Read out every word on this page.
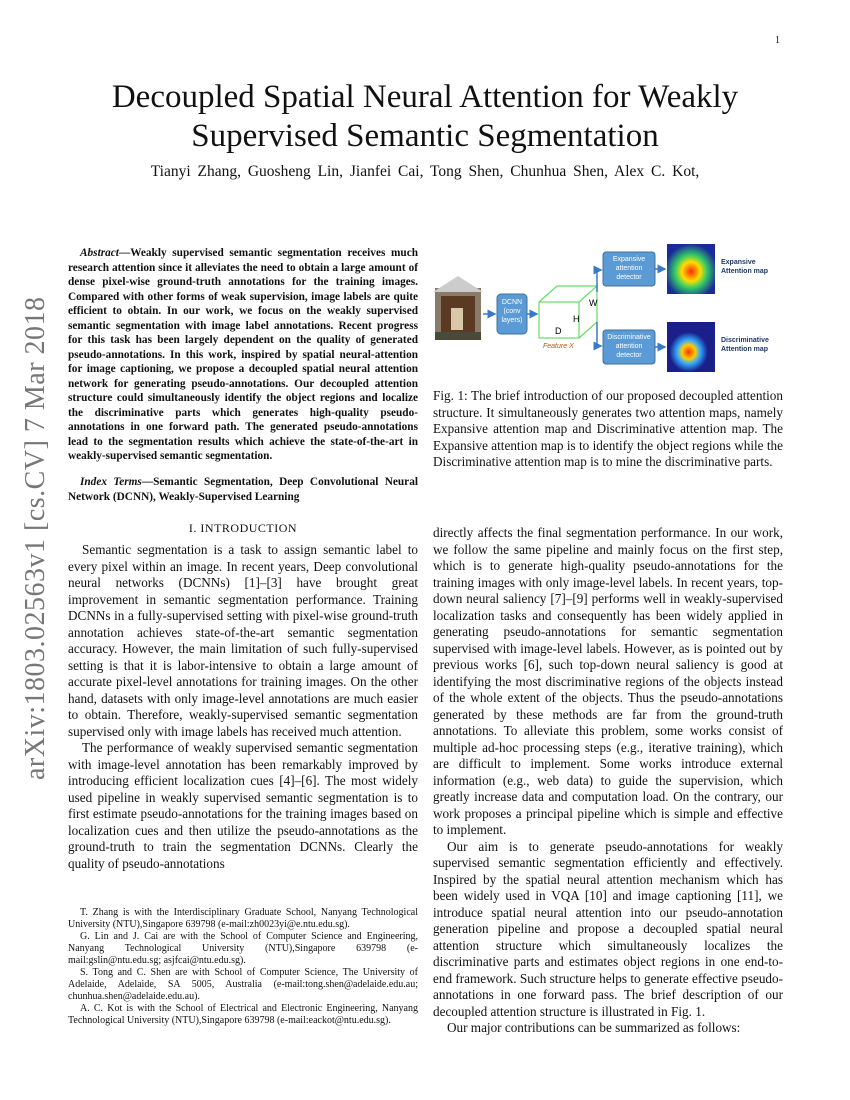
1
arXiv:1803.02563v1 [cs.CV] 7 Mar 2018
Decoupled Spatial Neural Attention for Weakly Supervised Semantic Segmentation
Tianyi Zhang, Guosheng Lin, Jianfei Cai, Tong Shen, Chunhua Shen, Alex C. Kot,
Abstract—Weakly supervised semantic segmentation receives much research attention since it alleviates the need to obtain a large amount of dense pixel-wise ground-truth annotations for the training images. Compared with other forms of weak supervision, image labels are quite efficient to obtain. In our work, we focus on the weakly supervised semantic segmentation with image label annotations. Recent progress for this task has been largely dependent on the quality of generated pseudo-annotations. In this work, inspired by spatial neural-attention for image captioning, we propose a decoupled spatial neural attention network for generating pseudo-annotations. Our decoupled attention structure could simultaneously identify the object regions and localize the discriminative parts which generates high-quality pseudo-annotations in one forward path. The generated pseudo-annotations lead to the segmentation results which achieve the state-of-the-art in weakly-supervised semantic segmentation.
Index Terms—Semantic Segmentation, Deep Convolutional Neural Network (DCNN), Weakly-Supervised Learning
I. INTRODUCTION

Semantic segmentation is a task to assign semantic label to every pixel within an image. In recent years, Deep convolutional neural networks (DCNNs) [1]–[3] have brought great improvement in semantic segmentation performance. Training DCNNs in a fully-supervised setting with pixel-wise ground-truth annotation achieves state-of-the-art semantic segmentation accuracy. However, the main limitation of such fully-supervised setting is that it is labor-intensive to obtain a large amount of accurate pixel-level annotations for training images. On the other hand, datasets with only image-level annotations are much easier to obtain. Therefore, weakly-supervised semantic segmentation supervised only with image labels has received much attention.

The performance of weakly supervised semantic segmentation with image-level annotation has been remarkably improved by introducing efficient localization cues [4]–[6]. The most widely used pipeline in weakly supervised semantic segmentation is to first estimate pseudo-annotations for the training images based on localization cues and then utilize the pseudo-annotations as the ground-truth to train the segmentation DCNNs. Clearly the quality of pseudo-annotations

T. Zhang is with the Interdisciplinary Graduate School, Nanyang Technological University (NTU),Singapore 639798 (e-mail:zh0023yi@e.ntu.edu.sg).

G. Lin and J. Cai are with the School of Computer Science and Engineering, Nanyang Technological University (NTU),Singapore 639798 (e-mail:gslin@ntu.edu.sg; asjfcai@ntu.edu.sg).

S. Tong and C. Shen are with School of Computer Science, The University of Adelaide, Adelaide, SA 5005, Australia (e-mail:tong.shen@adelaide.edu.au; chunhua.shen@adelaide.edu.au).

A. C. Kot is with the School of Electrical and Electronic Engineering, Nanyang Technological University (NTU),Singapore 639798 (e-mail:eackot@ntu.edu.sg).

DCNN (conv layers)
W
H
D
Feature X
Expansive attention detector
Discriminative attention detector
Expansive Attention map
Discriminative Attention map
Fig. 1: The brief introduction of our proposed decoupled attention structure. It simultaneously generates two attention maps, namely Expansive attention map and Discriminative attention map. The Expansive attention map is to identify the object regions while the Discriminative attention map is to mine the discriminative parts.

directly affects the final segmentation performance. In our work, we follow the same pipeline and mainly focus on the first step, which is to generate high-quality pseudo-annotations for the training images with only image-level labels. In recent years, top-down neural saliency [7]–[9] performs well in weakly-supervised localization tasks and consequently has been widely applied in generating pseudo-annotations for semantic segmentation supervised with image-level labels. However, as is pointed out by previous works [6], such top-down neural saliency is good at identifying the most discriminative regions of the objects instead of the whole extent of the objects. Thus the pseudo-annotations generated by these methods are far from the ground-truth annotations. To alleviate this problem, some works consist of multiple ad-hoc processing steps (e.g., iterative training), which are difficult to implement. Some works introduce external information (e.g., web data) to guide the supervision, which greatly increase data and computation load. On the contrary, our work proposes a principal pipeline which is simple and effective to implement.

Our aim is to generate pseudo-annotations for weakly supervised semantic segmentation efficiently and effectively. Inspired by the spatial neural attention mechanism which has been widely used in VQA [10] and image captioning [11], we introduce spatial neural attention into our pseudo-annotation generation pipeline and propose a decoupled spatial neural attention structure which simultaneously localizes the discriminative parts and estimates object regions in one end-to-end framework. Such structure helps to generate effective pseudo-annotations in one forward pass. The brief description of our decoupled attention structure is illustrated in Fig. 1.

Our major contributions can be summarized as follows:
